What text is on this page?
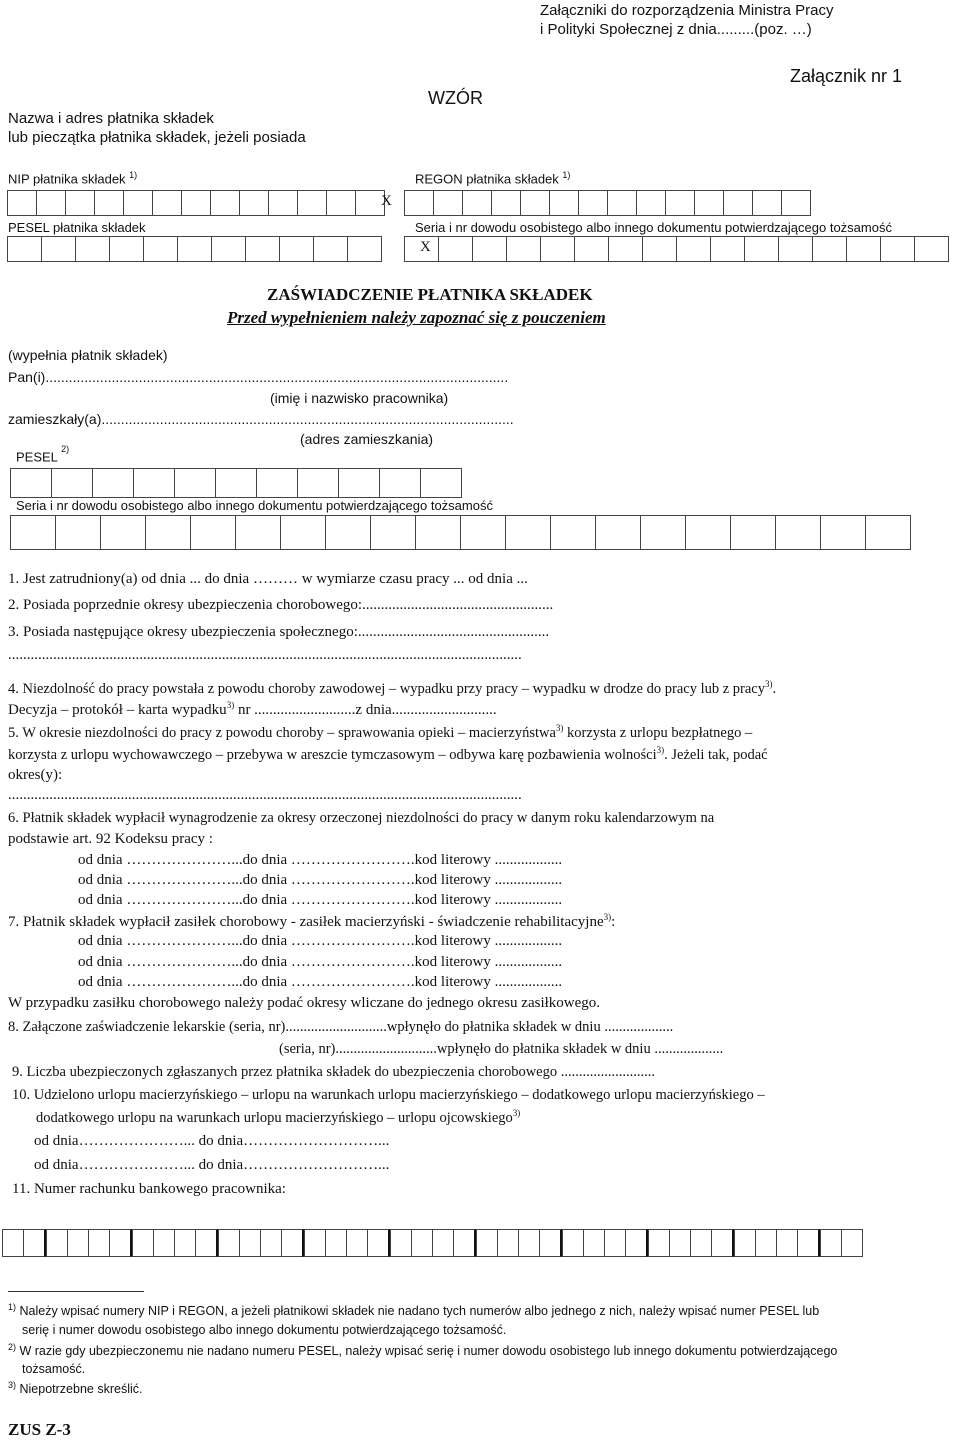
Załączniki do rozporządzenia Ministra Pracy
i Polityki Społecznej z dnia.........(poz. …)
Załącznik nr 1
WZÓR
Nazwa i adres płatnika składek
lub pieczątka płatnika składek, jeżeli posiada
NIP płatnika składek $^{1)}$	REGON płatnika składek $^{1)}$
X
PESEL płatnika składek	Seria i nr dowodu osobistego albo innego dokumentu potwierdzającego tożsamość
X
ZAŚWIADCZENIE PŁATNIKA SKŁADEK
Przed wypełnieniem należy zapoznać się z pouczeniem
(wypełnia płatnik składek)
Pan(i).......................................................................................................................
(imię i nazwisko pracownika)
zamieszkały(a)..........................................................................................................
(adres zamieszkania)
PESEL $^{2)}$
Seria i nr dowodu osobistego albo innego dokumentu potwierdzającego tożsamość
1. Jest zatrudniony(a) od dnia ... do dnia ……… w wymiarze czasu pracy ... od dnia ...
2. Posiada poprzednie okresy ubezpieczenia chorobowego:...................................................
3. Posiada następujące okresy ubezpieczenia społecznego:...................................................
.........................................................................................................................................
4. Niezdolność do pracy powstała z powodu choroby zawodowej – wypadku przy pracy – wypadku w drodze do pracy lub z pracy$^{3)}$.
Decyzja – protokół – karta wypadku$^{3)}$ nr ...........................z dnia............................
5. W okresie niezdolności do pracy z powodu choroby – sprawowania opieki – macierzyństwa$^{3)}$ korzysta z urlopu bezpłatnego –
korzysta z urlopu wychowawczego – przebywa w areszcie tymczasowym – odbywa karę pozbawienia wolności$^{3)}$. Jeżeli tak, podać
okres(y):
.........................................................................................................................................
6. Płatnik składek wypłacił wynagrodzenie za okresy orzeczonej niezdolności do pracy w danym roku kalendarzowym na
podstawie art. 92 Kodeksu pracy :
od dnia …………………...do dnia …………………….kod literowy ..................
od dnia …………………...do dnia …………………….kod literowy ..................
od dnia …………………...do dnia …………………….kod literowy ..................
7. Płatnik składek wypłacił zasiłek chorobowy - zasiłek macierzyński - świadczenie rehabilitacyjne$^{3)}$:
od dnia …………………...do dnia …………………….kod literowy ..................
od dnia …………………...do dnia …………………….kod literowy ..................
od dnia …………………...do dnia …………………….kod literowy ..................
W przypadku zasiłku chorobowego należy podać okresy wliczane do jednego okresu zasiłkowego.
8. Załączone zaświadczenie lekarskie (seria, nr)............................wpłynęło do płatnika składek w dniu ...................
(seria, nr)............................wpłynęło do płatnika składek w dniu ...................
9. Liczba ubezpieczonych zgłaszanych przez płatnika składek do ubezpieczenia chorobowego ..........................
10. Udzielono urlopu macierzyńskiego – urlopu na warunkach urlopu macierzyńskiego – dodatkowego urlopu macierzyńskiego –
dodatkowego urlopu na warunkach urlopu macierzyńskiego – urlopu ojcowskiego$^{3)}$
od dnia…………………... do dnia………………………...
od dnia…………………... do dnia………………………...
11. Numer rachunku bankowego pracownika:
$^{1)}$ Należy wpisać numery NIP i REGON, a jeżeli płatnikowi składek nie nadano tych numerów albo jednego z nich, należy wpisać numer PESEL lub
serię i numer dowodu osobistego albo innego dokumentu potwierdzającego tożsamość.
$^{2)}$ W razie gdy ubezpieczonemu nie nadano numeru PESEL, należy wpisać serię i numer dowodu osobistego lub innego dokumentu potwierdzającego
tożsamość.
$^{3)}$ Niepotrzebne skreślić.
ZUS Z-3
